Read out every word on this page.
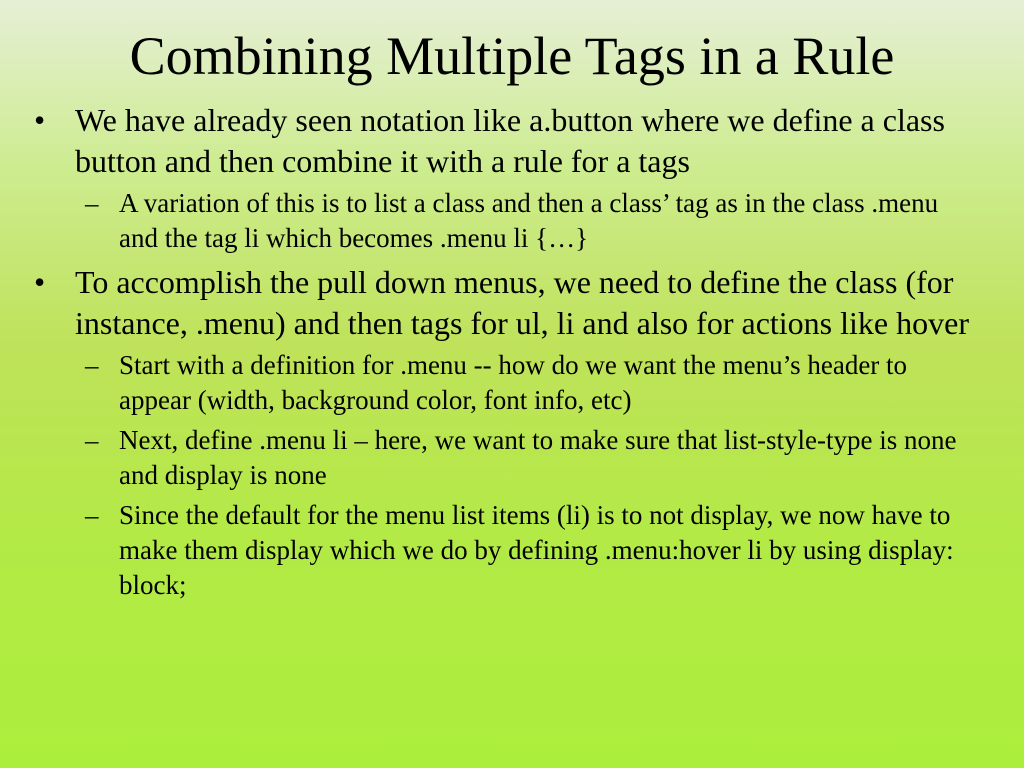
Combining Multiple Tags in a Rule
• We have already seen notation like a.button where we define a class button and then combine it with a rule for a tags
– A variation of this is to list a class and then a class’ tag as in the class .menu and the tag li which becomes .menu li {…}
• To accomplish the pull down menus, we need to define the class (for instance, .menu) and then tags for ul, li and also for actions like hover
– Start with a definition for .menu -- how do we want the menu’s header to appear (width, background color, font info, etc)
– Next, define .menu li – here, we want to make sure that list-style-type is none and display is none
– Since the default for the menu list items (li) is to not display, we now have to make them display which we do by defining .menu:hover li by using display: block;
